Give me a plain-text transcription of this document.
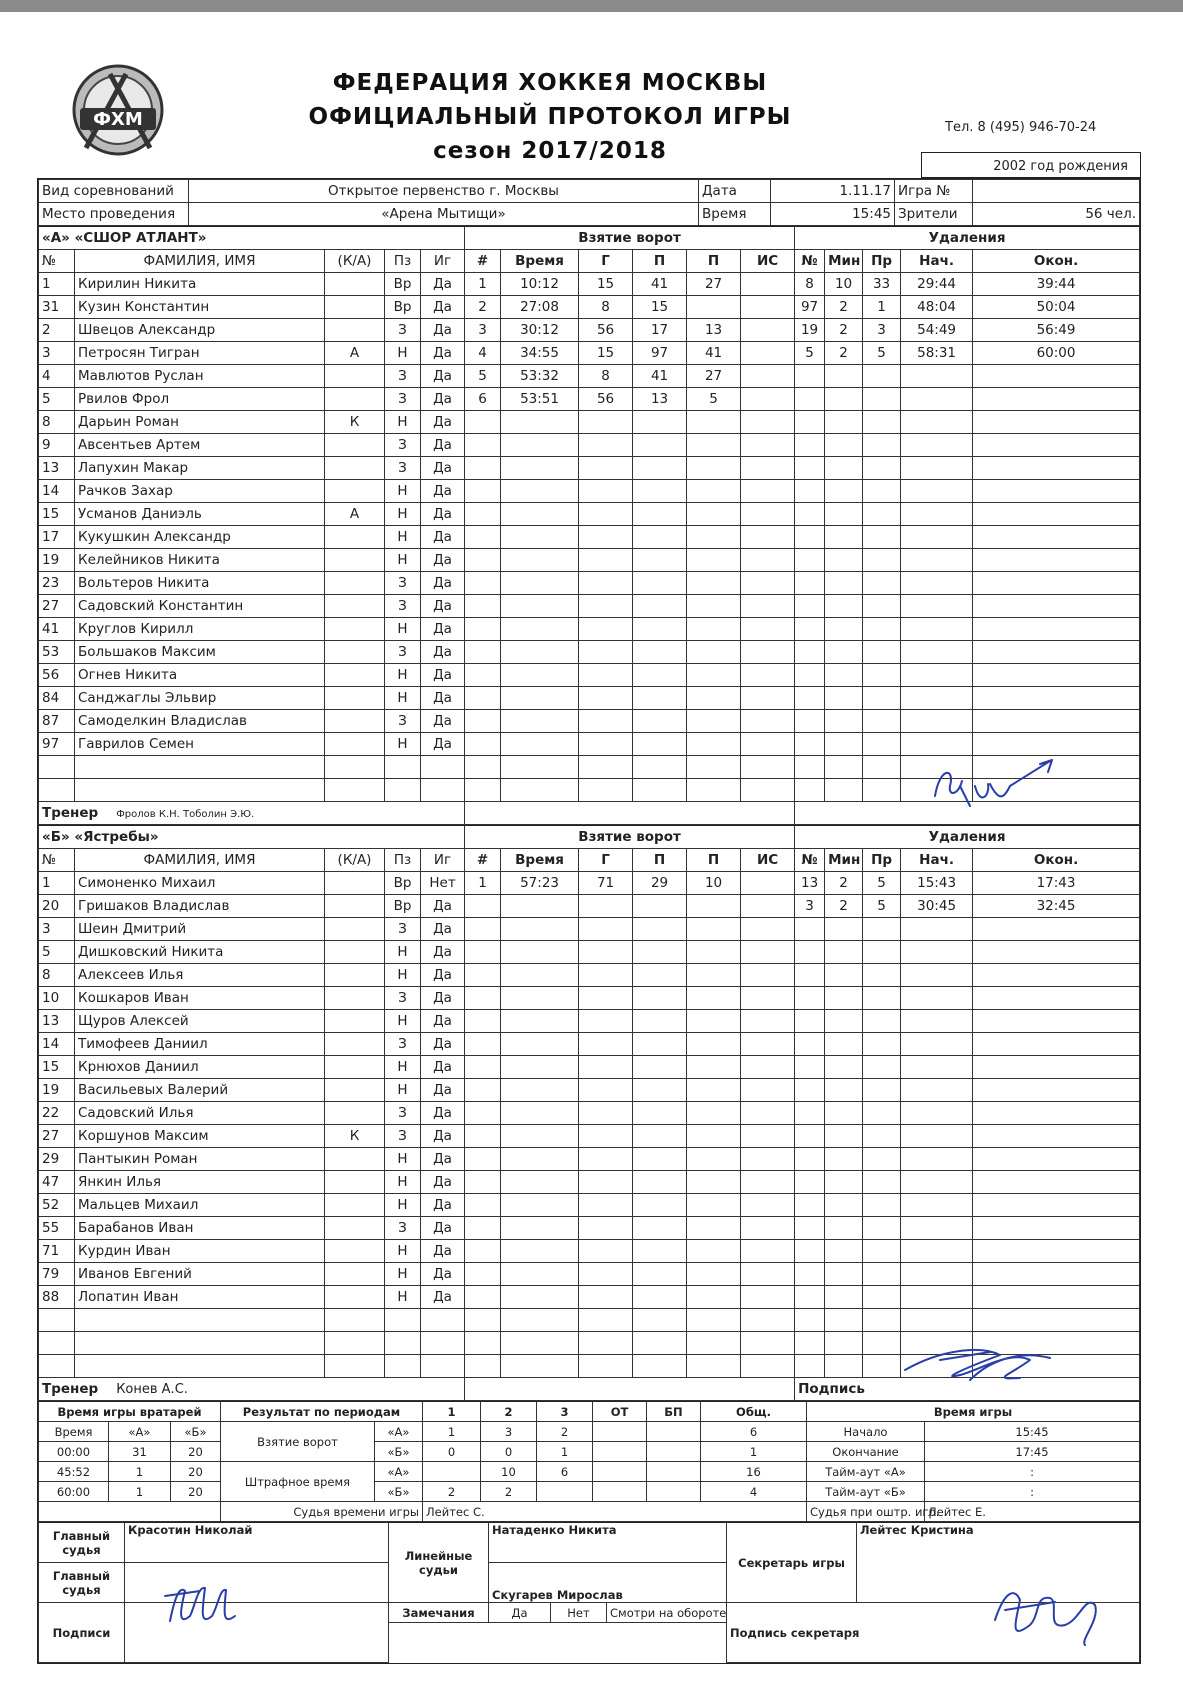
ФХМ
ФЕДЕРАЦИЯ ХОККЕЯ МОСКВЫ
ОФИЦИАЛЬНЫЙ ПРОТОКОЛ ИГРЫ
сезон 2017/2018
Тел. 8 (495) 946-70-24
2002 год рождения
Вид соревнований	Открытое первенство г. Москвы	Дата	1.11.17	Игра №	
Место проведения	«Арена Мытищи»	Время	15:45	Зрители	56 чел.
«А» «СШОР АТЛАНТ»					Взятие ворот						Удаления				
№	ФАМИЛИЯ, ИМЯ	(К/А)	Пз	Иг	#	Время	Г	П	П	ИС	№	Мин	Пр	Нач.	Окон.
1	Кирилин Никита		Вр	Да	1	10:12	15	41	27		8	10	33	29:44	39:44
31	Кузин Константин		Вр	Да	2	27:08	8	15			97	2	1	48:04	50:04
2	Швецов Александр		З	Да	3	30:12	56	17	13		19	2	3	54:49	56:49
3	Петросян Тигран	А	Н	Да	4	34:55	15	97	41		5	2	5	58:31	60:00
4	Мавлютов Руслан		З	Да	5	53:32	8	41	27						
5	Рвилов Фрол		З	Да	6	53:51	56	13	5						
8	Дарьин Роман	К	Н	Да											
9	Авсентьев Артем		З	Да											
13	Лапухин Макар		З	Да											
14	Рачков Захар		Н	Да											
15	Усманов Даниэль	А	Н	Да											
17	Кукушкин Александр		Н	Да											
19	Келейников Никита		Н	Да											
23	Вольтеров Никита		З	Да											
27	Садовский Константин		З	Да											
41	Круглов Кирилл		Н	Да											
53	Большаков Максим		З	Да											
56	Огнев Никита		Н	Да											
84	Санджаглы Эльвир		Н	Да											
87	Самоделкин Владислав		З	Да											
97	Гаврилов Семен		Н	Да											

Тренер Фролов К.Н. Тоболин Э.Ю.															
«Б» «Ястребы»					Взятие ворот						Удаления				
№	ФАМИЛИЯ, ИМЯ	(К/А)	Пз	Иг	#	Время	Г	П	П	ИС	№	Мин	Пр	Нач.	Окон.
1	Симоненко Михаил		Вр	Нет	1	57:23	71	29	10		13	2	5	15:43	17:43
20	Гришаков Владислав		Вр	Да							3	2	5	30:45	32:45
3	Шеин Дмитрий		З	Да											
5	Дишковский Никита		Н	Да											
8	Алексеев Илья		Н	Да											
10	Кошкаров Иван		З	Да											
13	Щуров Алексей		Н	Да											
14	Тимофеев Даниил		З	Да											
15	Крнюхов Даниил		Н	Да											
19	Васильевых Валерий		Н	Да											
22	Садовский Илья		З	Да											
27	Коршунов Максим	К	З	Да											
29	Пантыкин Роман		Н	Да											
47	Янкин Илья		Н	Да											
52	Мальцев Михаил		Н	Да											
55	Барабанов Иван		З	Да											
71	Курдин Иван		Н	Да											
79	Иванов Евгений		Н	Да											
88	Лопатин Иван		Н	Да											

Тренер Конев А.С.											Подпись				
Время игры вратарей			Результат по периодам		1	2	3	ОТ	БП	Общ.	Время игры	
Время	«А»	«Б»	Взятие ворот	«А»	1	3	2			6	Начало	15:45
00:00	31	20		«Б»	0	0	1			1	Окончание	17:45
45:52	1	20	Штрафное время	«А»		10	6			16	Тайм-аут «А»	:
60:00	1	20		«Б»	2	2				4	Тайм-аут «Б»	:
			Судья времени игры		Лейтес С.						Судья при оштр. игр.	Лейтес Е.
Главный судья	Красотин Николай	Линейные судьи	Натаденко Никита			Секретарь игры	Лейтес Кристина

Главный судья			Скугарев Мирослав				

Подписи		Замечания	Да	Нет	Смотри на обороте	Подпись секретаря	
